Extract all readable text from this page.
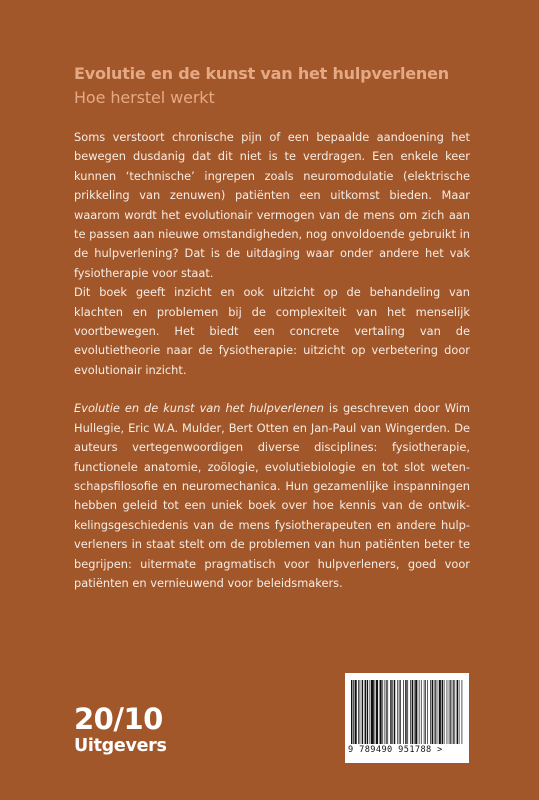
Evolutie en de kunst van het hulpverlenen
Hoe herstel werkt

Soms verstoort chronische pijn of een bepaalde aandoening het bewegen dusdanig dat dit niet is te verdragen. Een enkele keer kunnen ‘technische’ ingrepen zoals neuromodulatie (elektrische prikkeling van zenuwen) patiënten een uitkomst bieden. Maar waarom wordt het evolutionair vermogen van de mens om zich aan te passen aan nieuwe omstandigheden, nog onvoldoende gebruikt in de hulpverlening? Dat is de uitdaging waar onder andere het vak fysiotherapie voor staat.

Dit boek geeft inzicht en ook uitzicht op de behandeling van klachten en problemen bij de complexiteit van het menselijk voortbewegen. Het biedt een concrete vertaling van de evolutietheorie naar de fysiotherapie: uitzicht op verbetering door evolutionair inzicht.

Evolutie en de kunst van het hulpverlenen is geschreven door Wim Hullegie, Eric W.A. Mulder, Bert Otten en Jan-Paul van Wingerden. De auteurs vertegenwoordigen diverse disciplines: fysiotherapie, functionele anatomie, zoölogie, evolutiebiologie en tot slot wetenschapsfilosofie en neuromechanica. Hun gezamenlijke inspanningen hebben geleid tot een uniek boek over hoe kennis van de ontwikkelingsgeschiedenis van de mens fysiotherapeuten en andere hulpverleners in staat stelt om de problemen van hun patiënten beter te begrijpen: uitermate pragmatisch voor hulpverleners, goed voor patiënten en vernieuwend voor beleidsmakers.

20/10
Uitgevers	9 789490 951788 >
